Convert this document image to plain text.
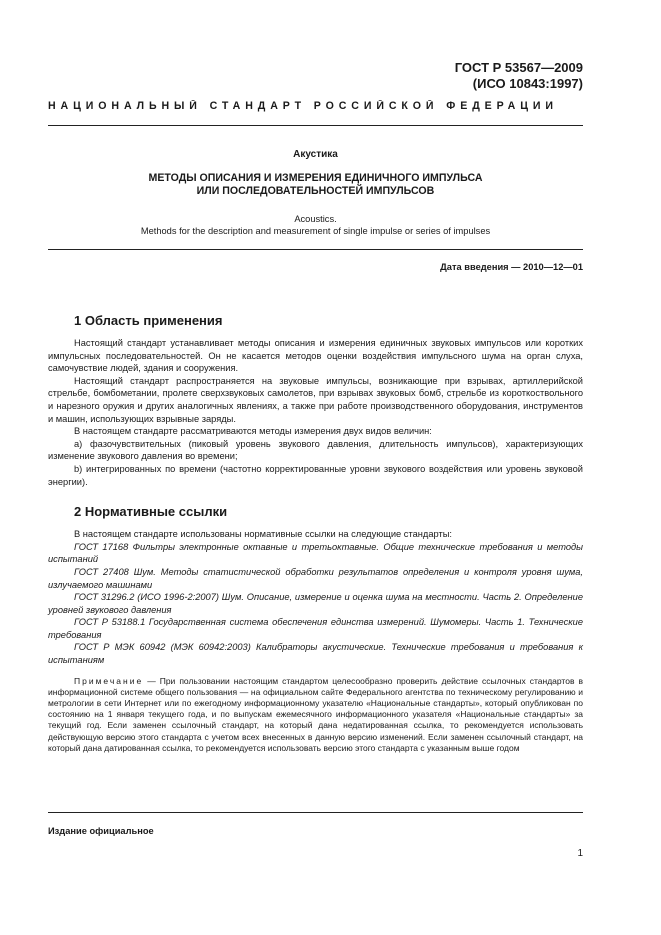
ГОСТ Р 53567—2009
(ИСО 10843:1997)
НАЦИОНАЛЬНЫЙ СТАНДАРТ РОССИЙСКОЙ ФЕДЕРАЦИИ
Акустика
МЕТОДЫ ОПИСАНИЯ И ИЗМЕРЕНИЯ ЕДИНИЧНОГО ИМПУЛЬСА
ИЛИ ПОСЛЕДОВАТЕЛЬНОСТЕЙ ИМПУЛЬСОВ
Acoustics.
Methods for the description and measurement of single impulse or series of impulses
Дата введения — 2010—12—01
1 Область применения

Настоящий стандарт устанавливает методы описания и измерения единичных звуковых импульсов или коротких импульсных последовательностей. Он не касается методов оценки воздействия импульсного шума на орган слуха, самочувствие людей, здания и сооружения.

Настоящий стандарт распространяется на звуковые импульсы, возникающие при взрывах, артиллерийской стрельбе, бомбометании, пролете сверхзвуковых самолетов, при взрывах звуковых бомб, стрельбе из короткоствольного и нарезного оружия и других аналогичных явлениях, а также при работе производственного оборудования, инструментов и машин, использующих взрывные заряды.

В настоящем стандарте рассматриваются методы измерения двух видов величин:

а) фазочувствительных (пиковый уровень звукового давления, длительность импульсов), характеризующих изменение звукового давления во времени;

b) интегрированных по времени (частотно корректированные уровни звукового воздействия или уровень звуковой энергии).

2 Нормативные ссылки

В настоящем стандарте использованы нормативные ссылки на следующие стандарты:

ГОСТ 17168 Фильтры электронные октавные и третьоктавные. Общие технические требования и методы испытаний

ГОСТ 27408 Шум. Методы статистической обработки результатов определения и контроля уровня шума, излучаемого машинами

ГОСТ 31296.2 (ИСО 1996-2:2007) Шум. Описание, измерение и оценка шума на местности. Часть 2. Определение уровней звукового давления

ГОСТ Р 53188.1 Государственная система обеспечения единства измерений. Шумомеры. Часть 1. Технические требования

ГОСТ Р МЭК 60942 (МЭК 60942:2003) Калибраторы акустические. Технические требования и требования к испытаниям

Примечание — При пользовании настоящим стандартом целесообразно проверить действие ссылочных стандартов в информационной системе общего пользования — на официальном сайте Федерального агентства по техническому регулированию и метрологии в сети Интернет или по ежегодному информационному указателю «Национальные стандарты», который опубликован по состоянию на 1 января текущего года, и по выпускам ежемесячного информационного указателя «Национальные стандарты» за текущий год. Если заменен ссылочный стандарт, на который дана недатированная ссылка, то рекомендуется использовать действующую версию этого стандарта с учетом всех внесенных в данную версию изменений. Если заменен ссылочный стандарт, на который дана датированная ссылка, то рекомендуется использовать версию этого стандарта с указанным выше годом
Издание официальное
1
